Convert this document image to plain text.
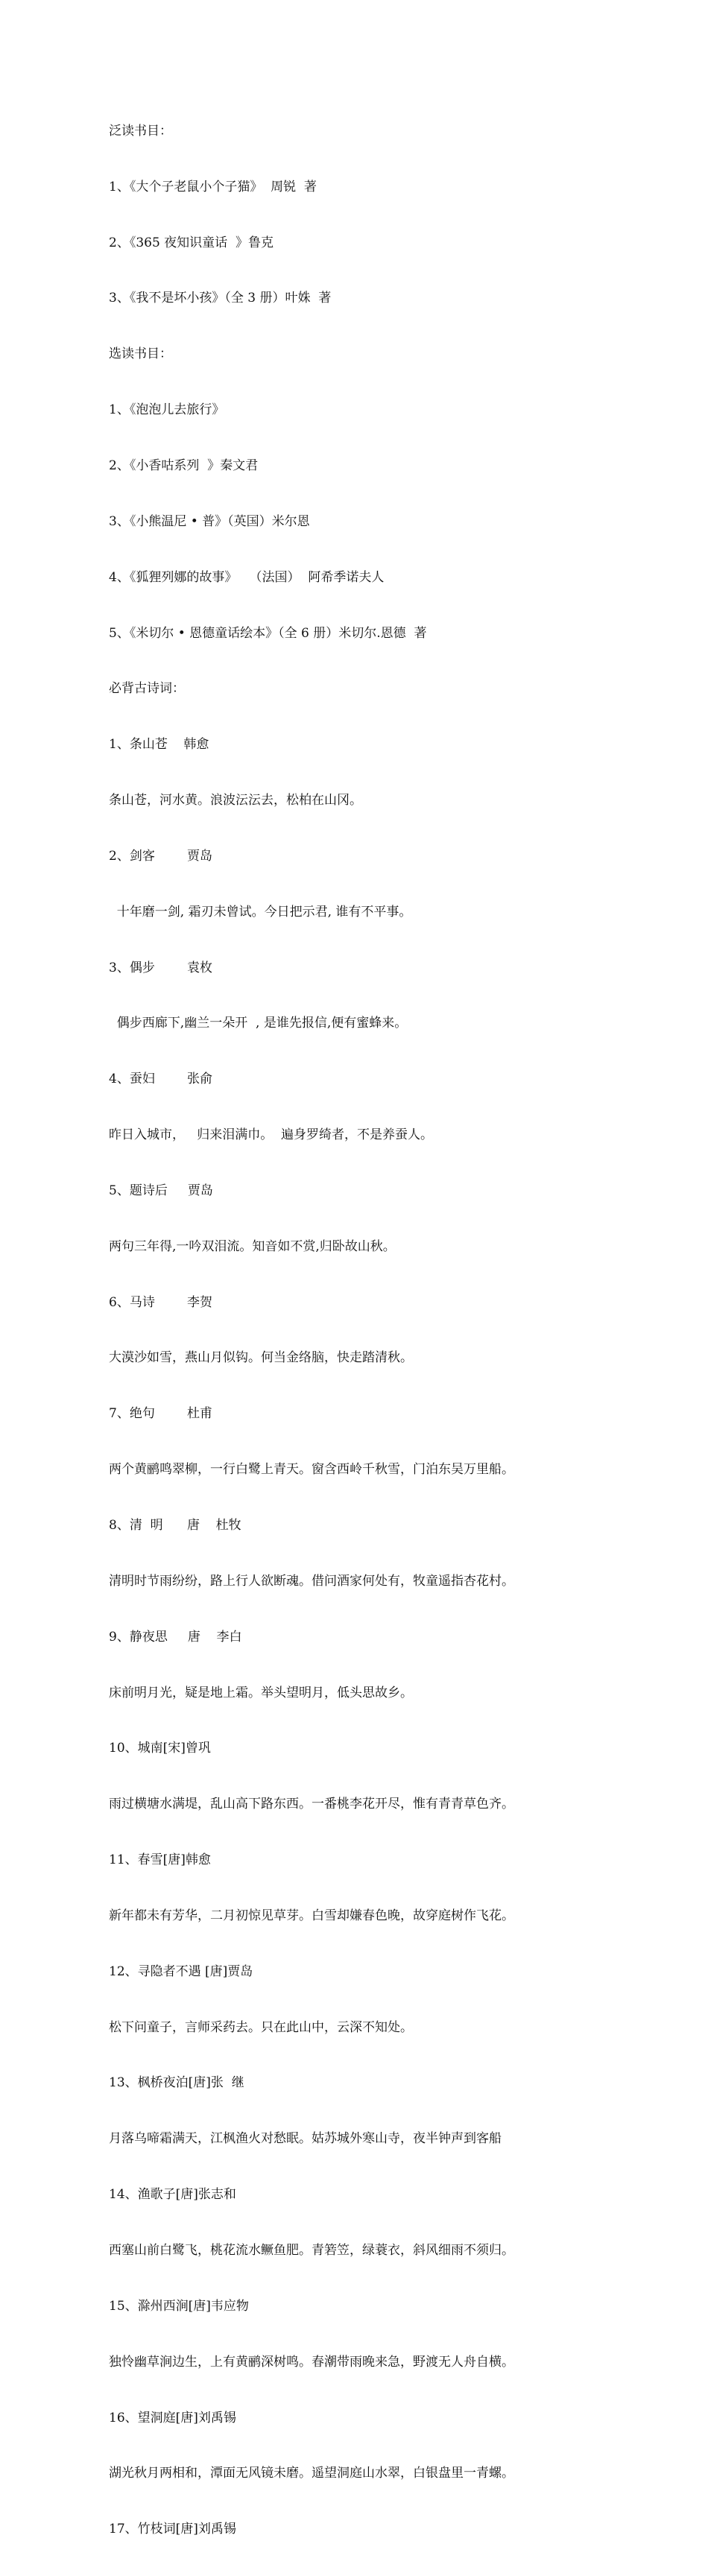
泛读书目：

1、《大个子老鼠小个子猫》  周锐  著

2、《365 夜知识童话  》鲁克

3、《我不是坏小孩》（全 3 册）叶姝  著

选读书目：

1、《泡泡儿去旅行》

2、《小香咕系列  》秦文君

3、《小熊温尼 • 普》（英国）米尔恩

4、《狐狸列娜的故事》   （法国）  阿希季诺夫人

5、《米切尔 • 恩德童话绘本》（全 6 册）米切尔.恩德  著

必背古诗词：

1、条山苍    韩愈

条山苍，河水黄。浪波沄沄去，松柏在山冈。

2、剑客        贾岛

十年磨一剑, 霜刃未曾试。今日把示君, 谁有不平事。

3、偶步        袁枚

偶步西廊下,幽兰一朵开  , 是谁先报信,便有蜜蜂来。

4、蚕妇        张俞

昨日入城市，   归来泪满巾。  遍身罗绮者，不是养蚕人。

5、题诗后     贾岛

两句三年得,一吟双泪流。知音如不赏,归卧故山秋。

6、马诗        李贺

大漠沙如雪，燕山月似钩。何当金络脑，快走踏清秋。

7、绝句        杜甫

两个黄鹂鸣翠柳，一行白鹭上青天。窗含西岭千秋雪，门泊东吴万里船。

8、清  明      唐    杜牧

清明时节雨纷纷，路上行人欲断魂。借问酒家何处有，牧童遥指杏花村。

9、静夜思     唐    李白

床前明月光，疑是地上霜。举头望明月，低头思故乡。

10、城南[宋]曾巩

雨过横塘水满堤，乱山高下路东西。一番桃李花开尽，惟有青青草色齐。

11、春雪[唐]韩愈

新年都未有芳华，二月初惊见草芽。白雪却嫌春色晚，故穿庭树作飞花。

12、寻隐者不遇 [唐]贾岛

松下问童子，言师采药去。只在此山中，云深不知处。

13、枫桥夜泊[唐]张  继

月落乌啼霜满天，江枫渔火对愁眠。姑苏城外寒山寺，夜半钟声到客船

14、渔歌子[唐]张志和

西塞山前白鹭飞，桃花流水鳜鱼肥。青箬笠，绿蓑衣，斜风细雨不须归。

15、滁州西涧[唐]韦应物

独怜幽草涧边生，上有黄鹂深树鸣。春潮带雨晚来急，野渡无人舟自横。

16、望洞庭[唐]刘禹锡

湖光秋月两相和，潭面无风镜未磨。遥望洞庭山水翠，白银盘里一青螺。

17、竹枝词[唐]刘禹锡
